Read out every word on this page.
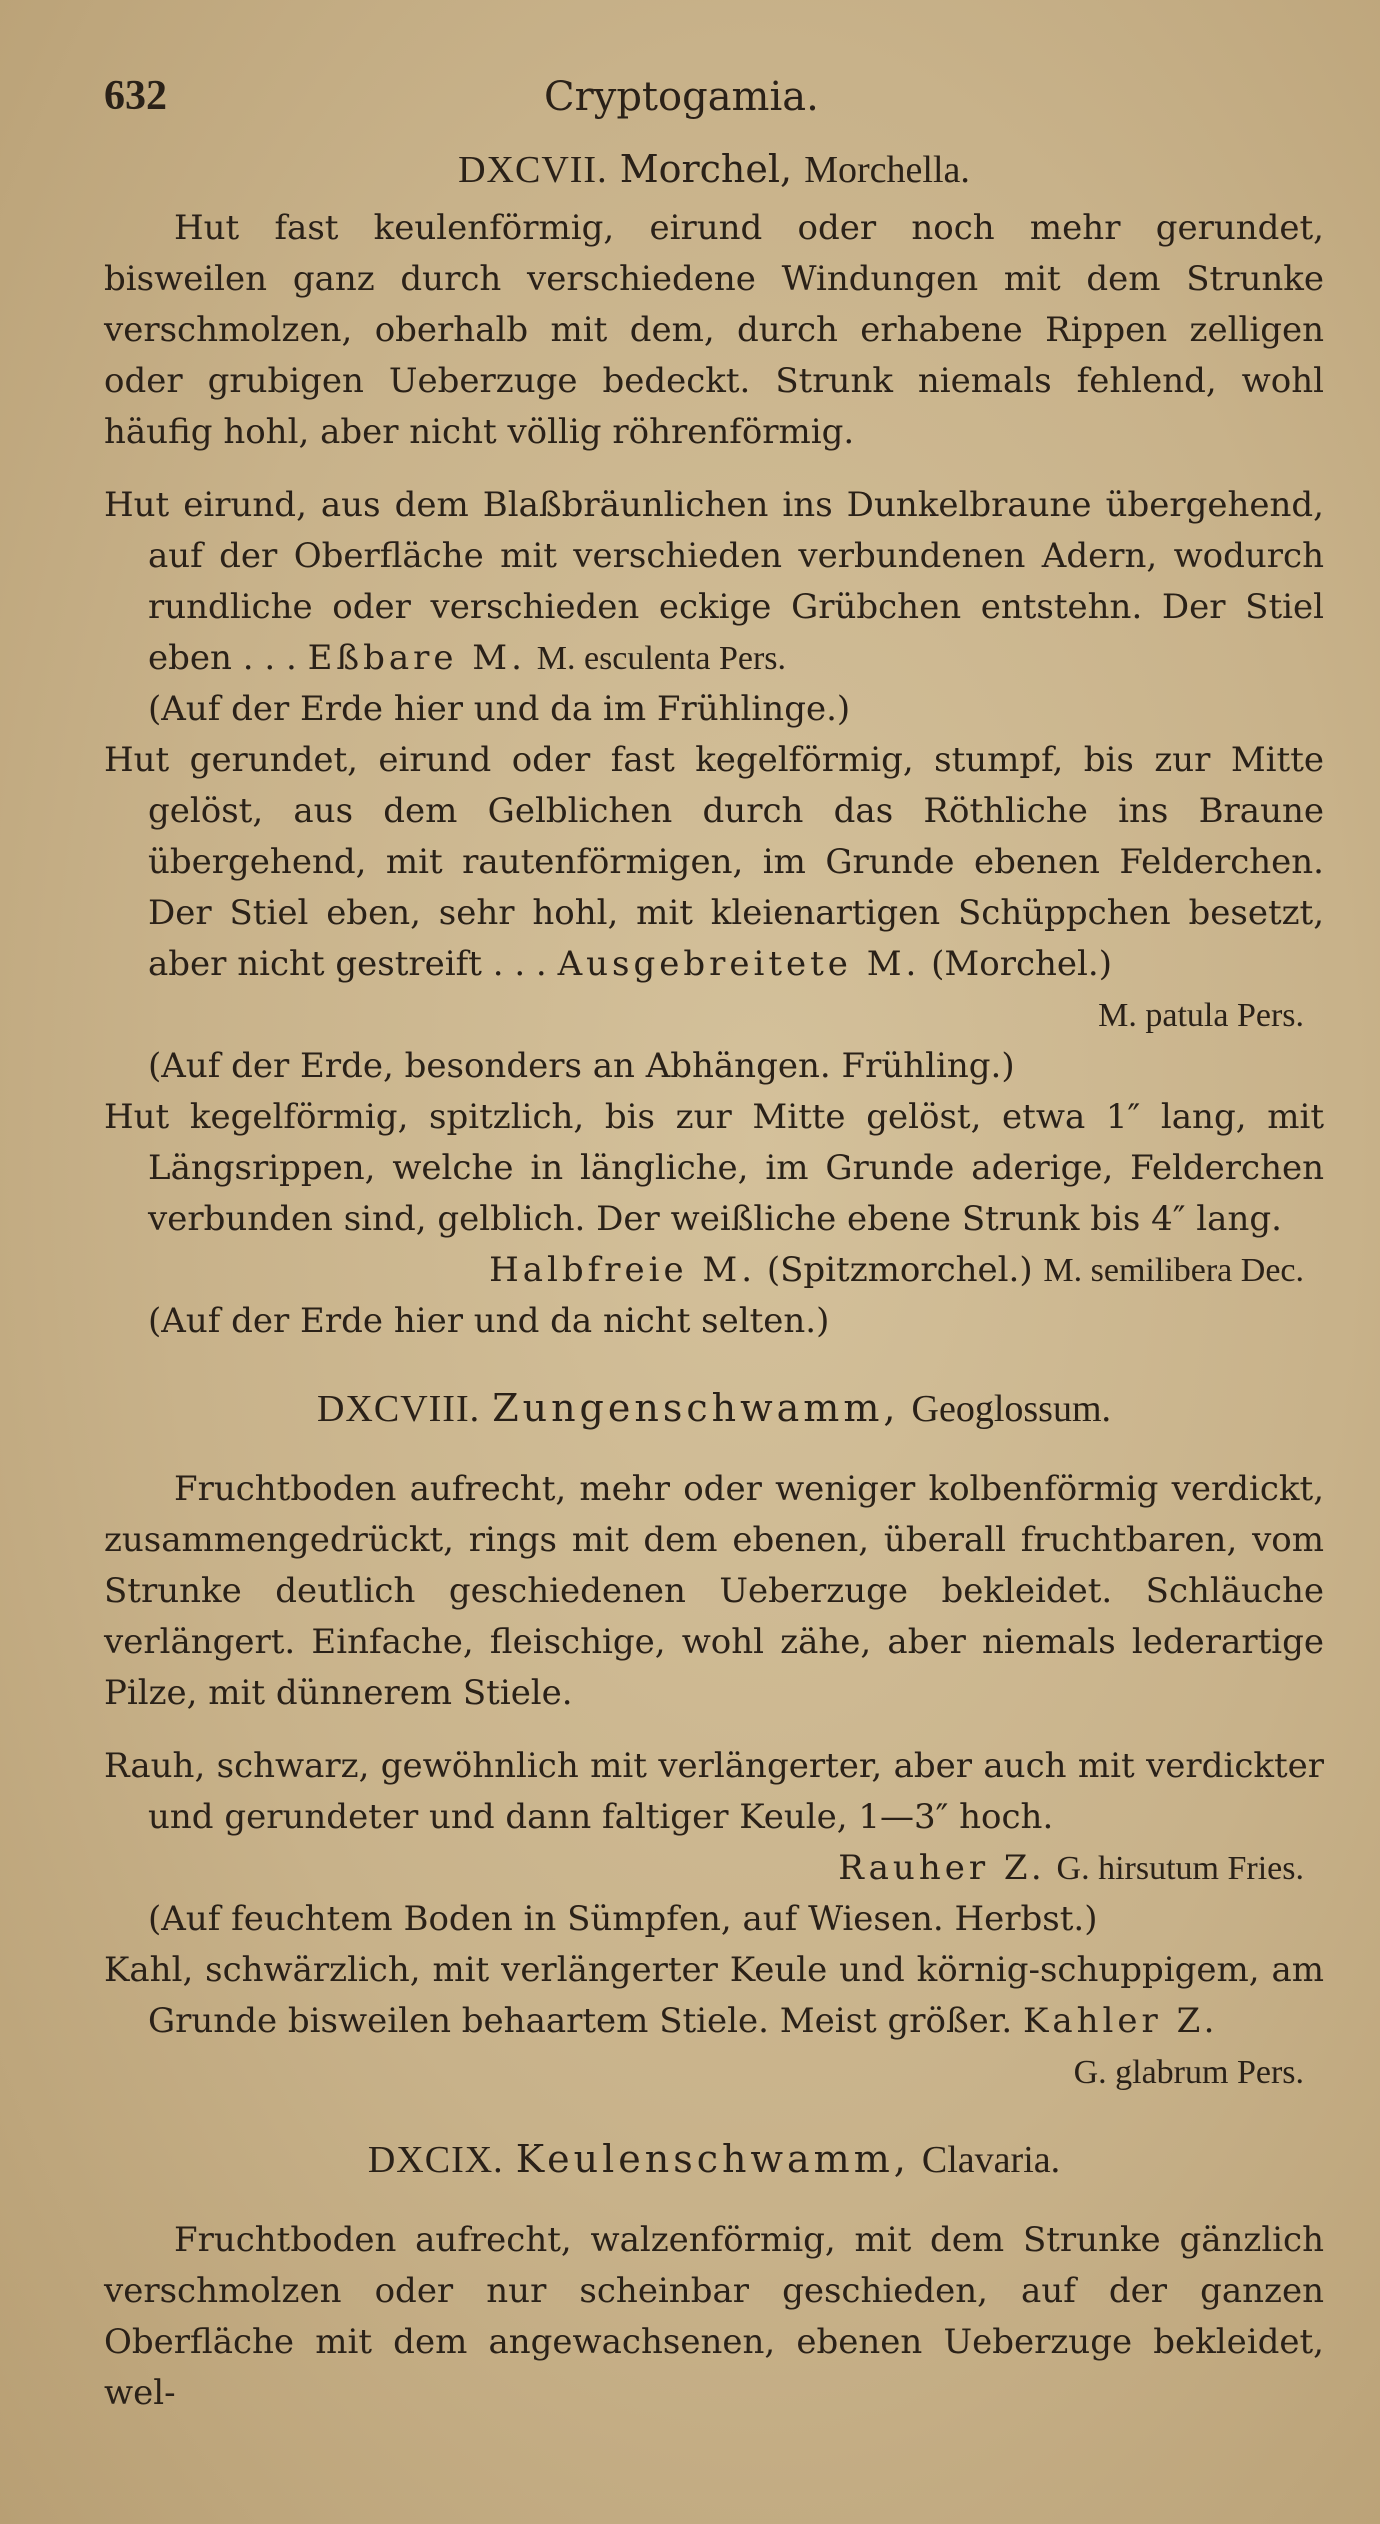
632	Cryptogamia.
DXCVII. Morchel, Morchella.

Hut fast keulenförmig, eirund oder noch mehr gerundet, bisweilen ganz durch verschiedene Windungen mit dem Strunke verschmolzen, oberhalb mit dem, durch erhabene Rippen zelligen oder grubigen Ueberzuge bedeckt. Strunk niemals fehlend, wohl häufig hohl, aber nicht völlig röhrenförmig.

Hut eirund, aus dem Blaßbräunlichen ins Dunkelbraune übergehend, auf der Oberfläche mit verschieden verbundenen Adern, wodurch rundliche oder verschieden eckige Grübchen entstehn. Der Stiel eben . . . Eßbare M. M. esculenta Pers.

(Auf der Erde hier und da im Frühlinge.)

Hut gerundet, eirund oder fast kegelförmig, stumpf, bis zur Mitte gelöst, aus dem Gelblichen durch das Röthliche ins Braune übergehend, mit rautenförmigen, im Grunde ebenen Felderchen. Der Stiel eben, sehr hohl, mit kleienartigen Schüppchen besetzt, aber nicht gestreift . . . Ausgebreitete M. (Morchel.)

M. patula Pers.

(Auf der Erde, besonders an Abhängen. Frühling.)

Hut kegelförmig, spitzlich, bis zur Mitte gelöst, etwa 1″ lang, mit Längsrippen, welche in längliche, im Grunde aderige, Felderchen verbunden sind, gelblich. Der weißliche ebene Strunk bis 4″ lang.

Halbfreie M. (Spitzmorchel.) M. semilibera Dec.

(Auf der Erde hier und da nicht selten.)

DXCVIII. Zungenschwamm, Geoglossum.

Fruchtboden aufrecht, mehr oder weniger kolbenförmig verdickt, zusammengedrückt, rings mit dem ebenen, überall fruchtbaren, vom Strunke deutlich geschiedenen Ueberzuge bekleidet. Schläuche verlängert. Einfache, fleischige, wohl zähe, aber niemals lederartige Pilze, mit dünnerem Stiele.

Rauh, schwarz, gewöhnlich mit verlängerter, aber auch mit verdickter und gerundeter und dann faltiger Keule, 1—3″ hoch.

Rauher Z. G. hirsutum Fries.

(Auf feuchtem Boden in Sümpfen, auf Wiesen. Herbst.)

Kahl, schwärzlich, mit verlängerter Keule und körnig-schuppigem, am Grunde bisweilen behaartem Stiele. Meist größer. Kahler Z.

G. glabrum Pers.

DXCIX. Keulenschwamm, Clavaria.

Fruchtboden aufrecht, walzenförmig, mit dem Strunke gänzlich verschmolzen oder nur scheinbar geschieden, auf der ganzen Oberfläche mit dem angewachsenen, ebenen Ueberzuge bekleidet, wel-
